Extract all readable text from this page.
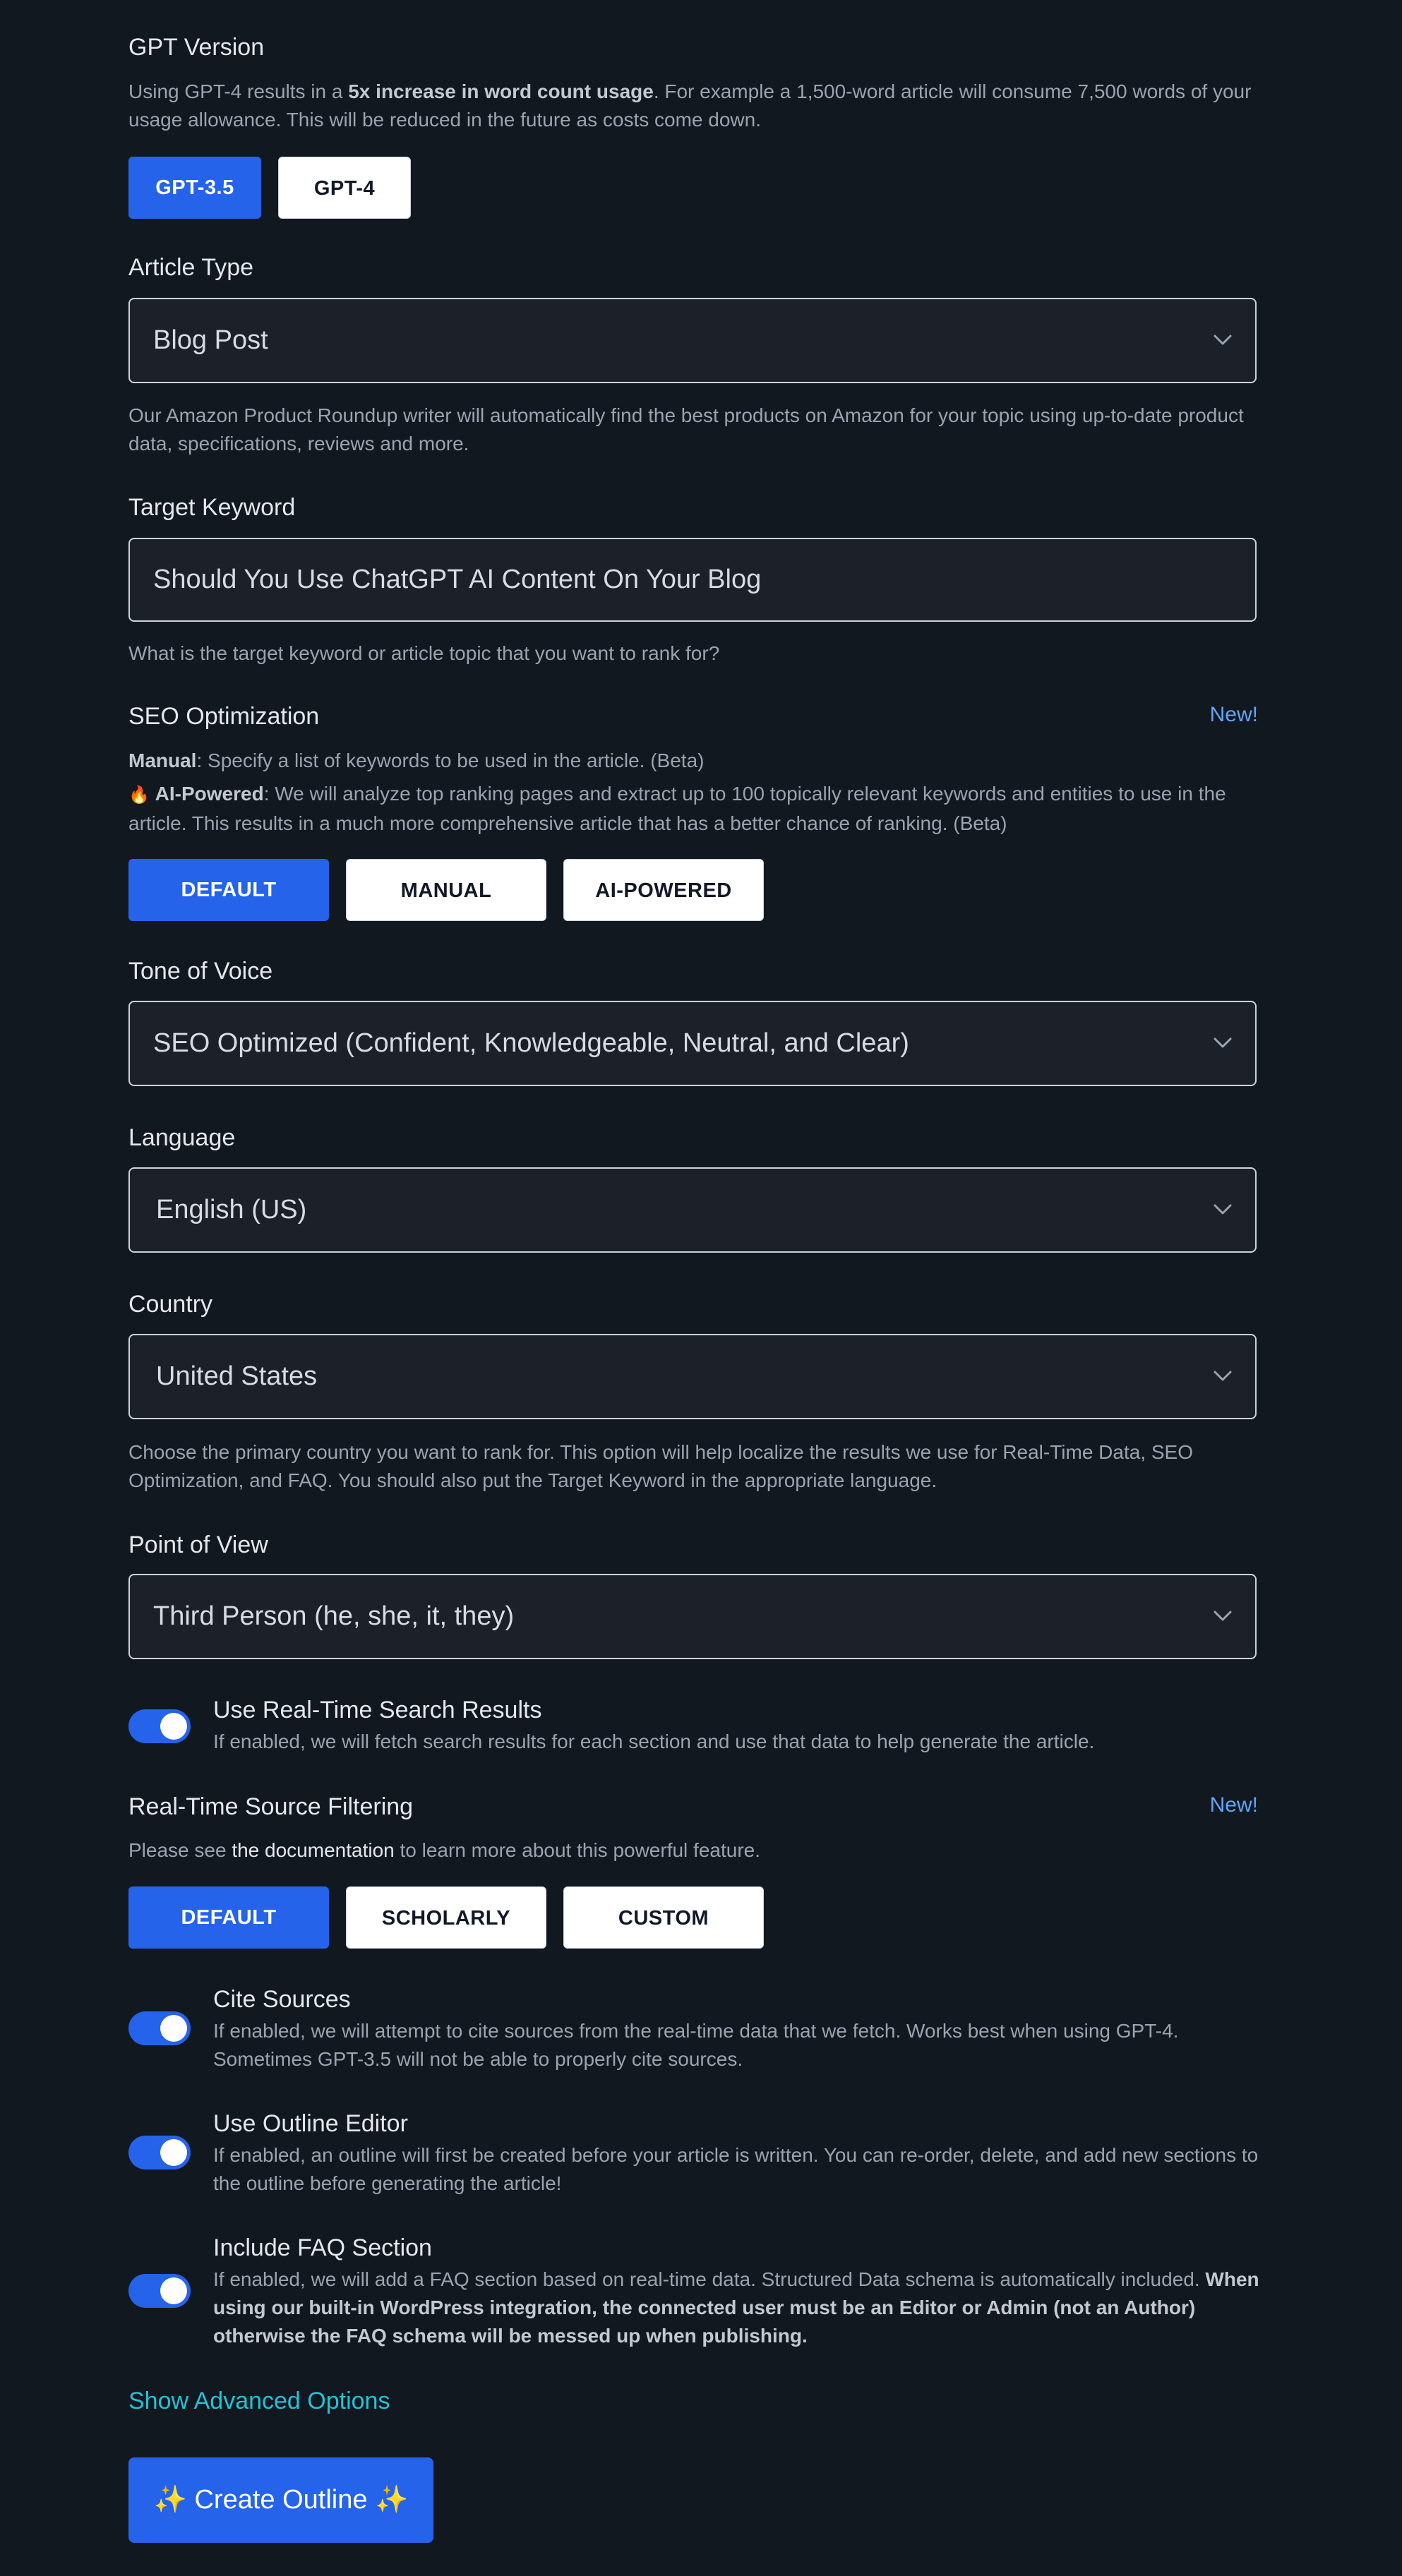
GPT Version
Using GPT-4 results in a 5x increase in word count usage. For example a 1,500-word article will consume 7,500 words of your usage allowance. This will be reduced in the future as costs come down.
GPT-3.5	GPT-4
Article Type
Blog Post
Our Amazon Product Roundup writer will automatically find the best products on Amazon for your topic using up-to-date product data, specifications, reviews and more.
Target Keyword
Should You Use ChatGPT AI Content On Your Blog
What is the target keyword or article topic that you want to rank for?
SEO Optimization	New!
Manual: Specify a list of keywords to be used in the article. (Beta)
🔥 AI-Powered: We will analyze top ranking pages and extract up to 100 topically relevant keywords and entities to use in the article. This results in a much more comprehensive article that has a better chance of ranking. (Beta)
DEFAULT	MANUAL	AI-POWERED
Tone of Voice
SEO Optimized (Confident, Knowledgeable, Neutral, and Clear)
Language
English (US)
Country
United States
Choose the primary country you want to rank for. This option will help localize the results we use for Real-Time Data, SEO Optimization, and FAQ. You should also put the Target Keyword in the appropriate language.
Point of View
Third Person (he, she, it, they)
Use Real-Time Search Results
If enabled, we will fetch search results for each section and use that data to help generate the article.
Real-Time Source Filtering	New!
Please see the documentation to learn more about this powerful feature.
DEFAULT	SCHOLARLY	CUSTOM
Cite Sources
If enabled, we will attempt to cite sources from the real-time data that we fetch. Works best when using GPT-4. Sometimes GPT-3.5 will not be able to properly cite sources.
Use Outline Editor
If enabled, an outline will first be created before your article is written. You can re-order, delete, and add new sections to the outline before generating the article!
Include FAQ Section
If enabled, we will add a FAQ section based on real-time data. Structured Data schema is automatically included. When using our built-in WordPress integration, the connected user must be an Editor or Admin (not an Author) otherwise the FAQ schema will be messed up when publishing.
Show Advanced Options
✨ Create Outline ✨
